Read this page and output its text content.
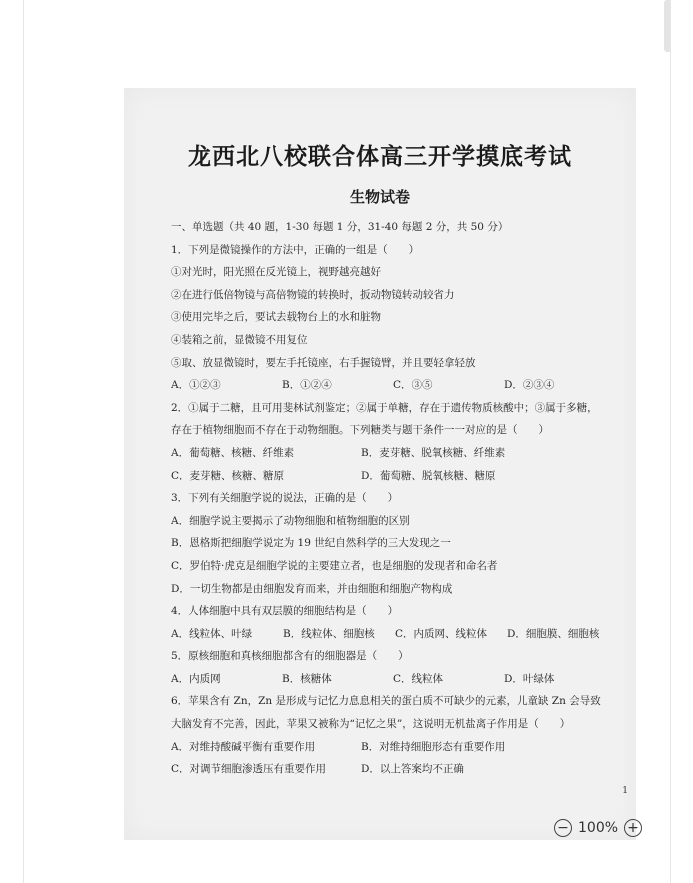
龙西北八校联合体高三开学摸底考试
生物试卷
一、单选题（共 40 题，1-30 每题 1 分，31-40 每题 2 分，共 50 分）
1．下列是微镜操作的方法中，正确的一组是（　　）
①对光时，阳光照在反光镜上，视野越亮越好
②在进行低倍物镜与高倍物镜的转换时，扳动物镜转动较省力
③使用完毕之后，要试去载物台上的水和脏物
④装箱之前，显微镜不用复位
⑤取、放显微镜时，要左手托镜座，右手握镜臂，并且要轻拿轻放
A．①②③	B．①②④	C．③⑤	D．②③④
2．①属于二糖，且可用斐林试剂鉴定；②属于单糖，存在于遗传物质核酸中；③属于多糖，
存在于植物细胞而不存在于动物细胞。下列糖类与题干条件一一对应的是（　　）
A．葡萄糖、核糖、纤维素	B．麦芽糖、脱氧核糖、纤维素
C．麦芽糖、核糖、糖原	D．葡萄糖、脱氧核糖、糖原
3．下列有关细胞学说的说法，正确的是（　　）
A．细胞学说主要揭示了动物细胞和植物细胞的区别
B．恩格斯把细胞学说定为 19 世纪自然科学的三大发现之一
C．罗伯特·虎克是细胞学说的主要建立者，也是细胞的发现者和命名者
D．一切生物都是由细胞发育而来，并由细胞和细胞产物构成
4．人体细胞中具有双层膜的细胞结构是（　　）
A．线粒体、叶绿	B．线粒体、细胞核	C．内质网、线粒体	D．细胞膜、细胞核
5．原核细胞和真核细胞都含有的细胞器是（　　）
A．内质网	B．核糖体	C．线粒体	D．叶绿体
6．苹果含有 Zn，Zn 是形成与记忆力息息相关的蛋白质不可缺少的元素，儿童缺 Zn 会导致
大脑发育不完善，因此，苹果又被称为“记忆之果”，这说明无机盐离子作用是（　　）
A．对维持酸碱平衡有重要作用	B．对维持细胞形态有重要作用
C．对调节细胞渗透压有重要作用	D．以上答案均不正确
1
− 100% +
